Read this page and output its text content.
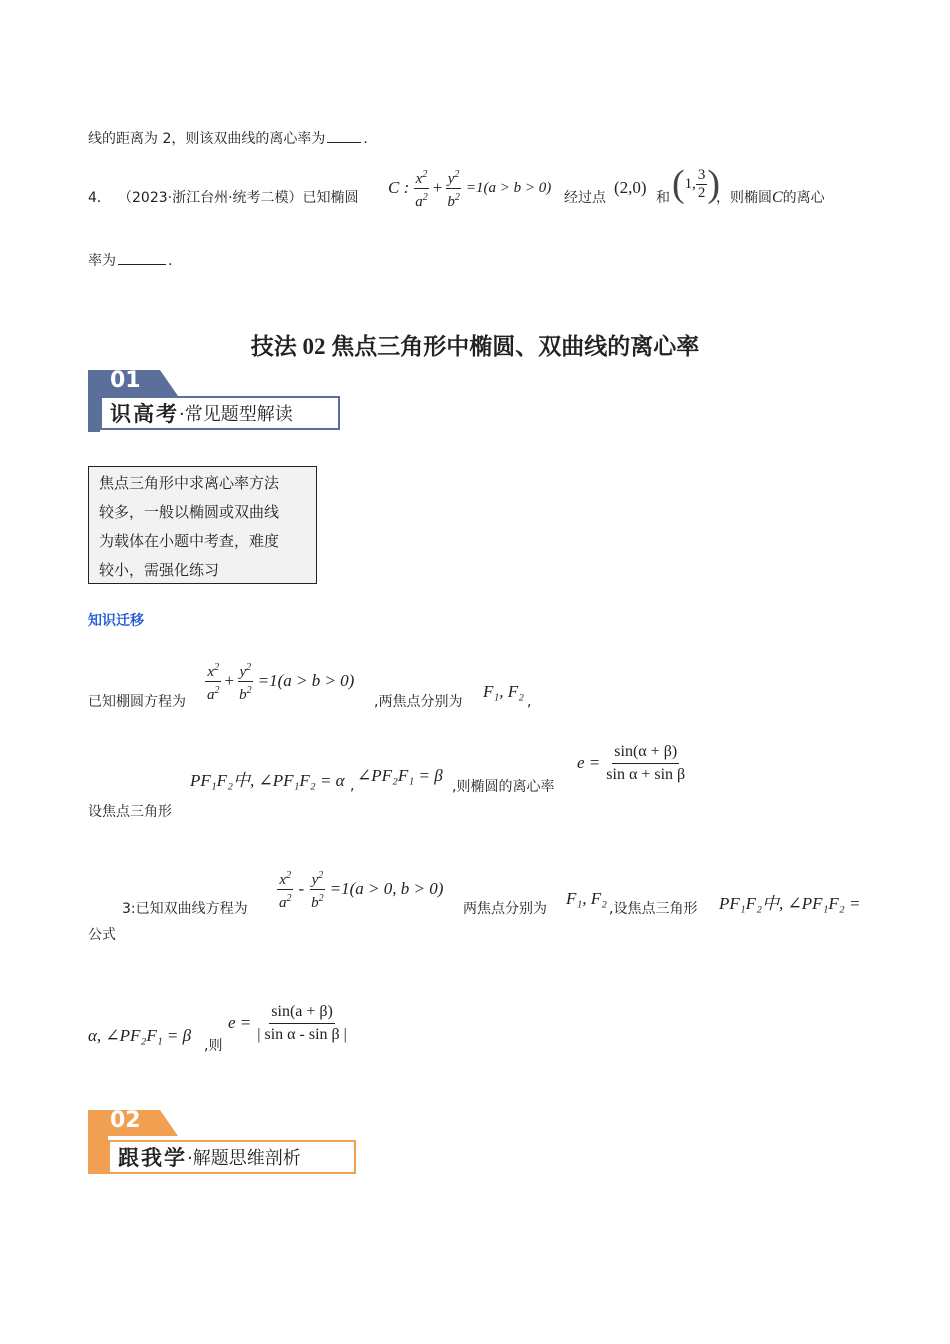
线的距离为 2，则该双曲线的离心率为	.
4． （2023·浙江台州·统考二模）已知椭圆
C : $\frac{x^2}{a^2} + \frac{y^2}{b^2} =1(a > b > 0)$
经过点
(2,0)
和 ( 1, $\frac{3}{2}$ )
，则椭圆C的离心
率为	.
技法 02 焦点三角形中椭圆、双曲线的离心率
01
识高考 ·常见题型解读
焦点三角形中求离心率方法
较多，一般以椭圆或双曲线
为载体在小题中考查，难度
较小，需强化练习
知识迁移
已知棚圆方程为 $\frac{x^2}{a^2} + \frac{y^2}{b^2} =1(a > b > 0)$
,两焦点分别为
F₁, F₂
,
PF₁F₂中, ∠PF₁F₂ = α ,
∠PF₂F₁ = β
,则椭圆的离心率
$e = \frac{\sin(\alpha + \beta)}{\text{sin α + sin β}}$
设焦点三角形
3:已知双曲线方程为 $\frac{x^2}{a^2} - \frac{y^2}{b^2} =1(a > 0$, b > 0)
两焦点分别为
F₁, F₂
,设焦点三角形 PF₁F₂中, ∠PF₁F₂ =
公式
α, ∠PF₂F₁ = β
,则
$e = \frac{\sin(a + \beta)}{\text{| sin α - sin β |}}$
02
跟我学 ·解题思维剖析
